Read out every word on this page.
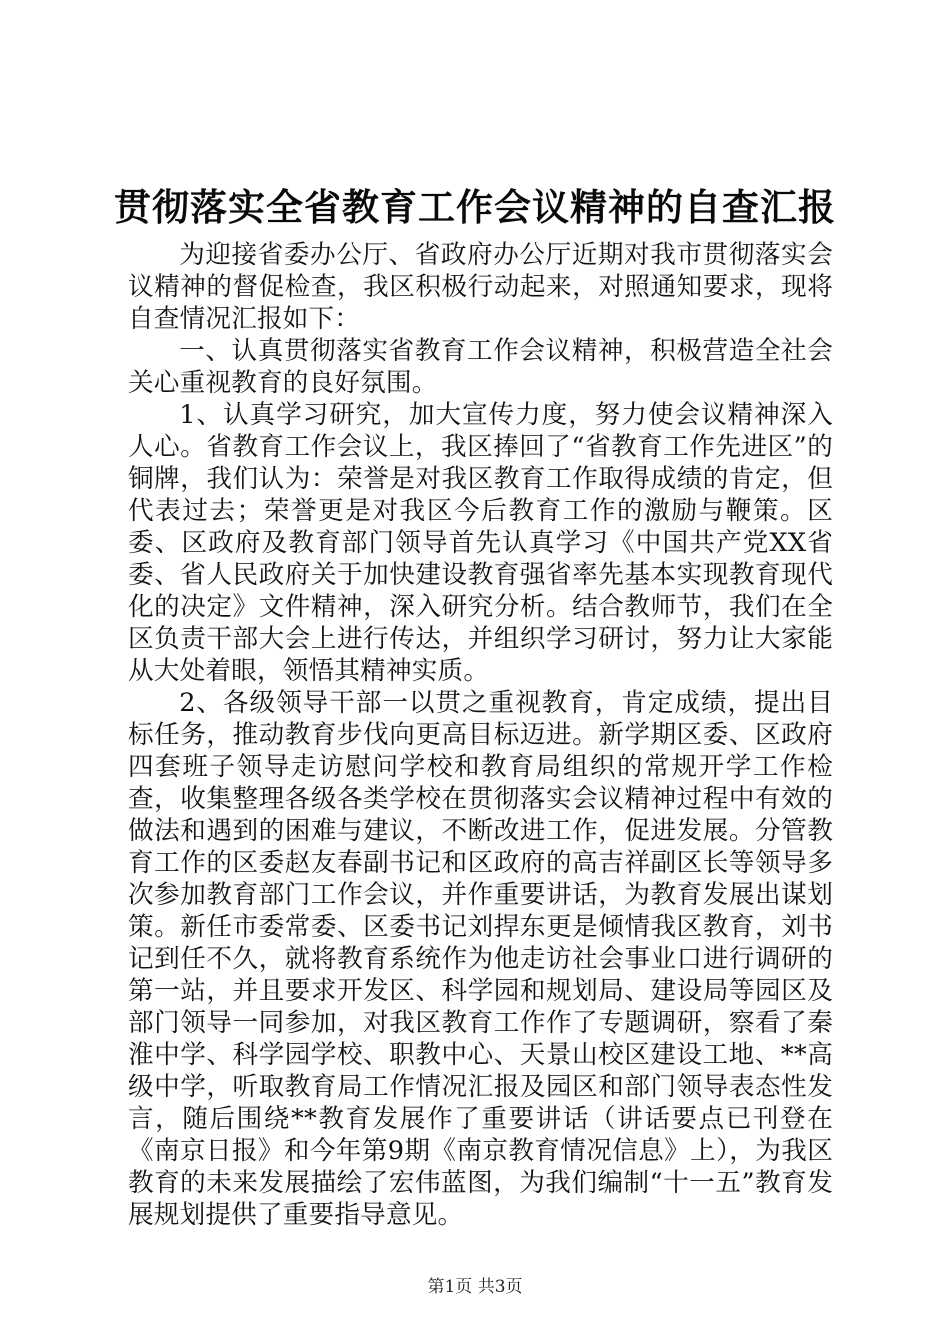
贯彻落实全省教育工作会议精神的自查汇报

为迎接省委办公厅、省政府办公厅近期对我市贯彻落实会议精神的督促检查，我区积极行动起来，对照通知要求，现将自查情况汇报如下：

一、认真贯彻落实省教育工作会议精神，积极营造全社会关心重视教育的良好氛围。

1、认真学习研究，加大宣传力度，努力使会议精神深入人心。省教育工作会议上，我区捧回了“省教育工作先进区”的铜牌，我们认为：荣誉是对我区教育工作取得成绩的肯定，但代表过去；荣誉更是对我区今后教育工作的激励与鞭策。区委、区政府及教育部门领导首先认真学习《中国共产党XX省委、省人民政府关于加快建设教育强省率先基本实现教育现代化的决定》文件精神，深入研究分析。结合教师节，我们在全区负责干部大会上进行传达，并组织学习研讨，努力让大家能从大处着眼，领悟其精神实质。

2、各级领导干部一以贯之重视教育，肯定成绩，提出目标任务，推动教育步伐向更高目标迈进。新学期区委、区政府四套班子领导走访慰问学校和教育局组织的常规开学工作检查，收集整理各级各类学校在贯彻落实会议精神过程中有效的做法和遇到的困难与建议，不断改进工作，促进发展。分管教育工作的区委赵友春副书记和区政府的高吉祥副区长等领导多次参加教育部门工作会议，并作重要讲话，为教育发展出谋划策。新任市委常委、区委书记刘捍东更是倾情我区教育，刘书记到任不久，就将教育系统作为他走访社会事业口进行调研的第一站，并且要求开发区、科学园和规划局、建设局等园区及部门领导一同参加，对我区教育工作作了专题调研，察看了秦淮中学、科学园学校、职教中心、天景山校区建设工地、**高级中学，听取教育局工作情况汇报及园区和部门领导表态性发言，随后围绕**教育发展作了重要讲话（讲话要点已刊登在《南京日报》和今年第9期《南京教育情况信息》上），为我区教育的未来发展描绘了宏伟蓝图，为我们编制“十一五”教育发展规划提供了重要指导意见。

第1页 共3页
